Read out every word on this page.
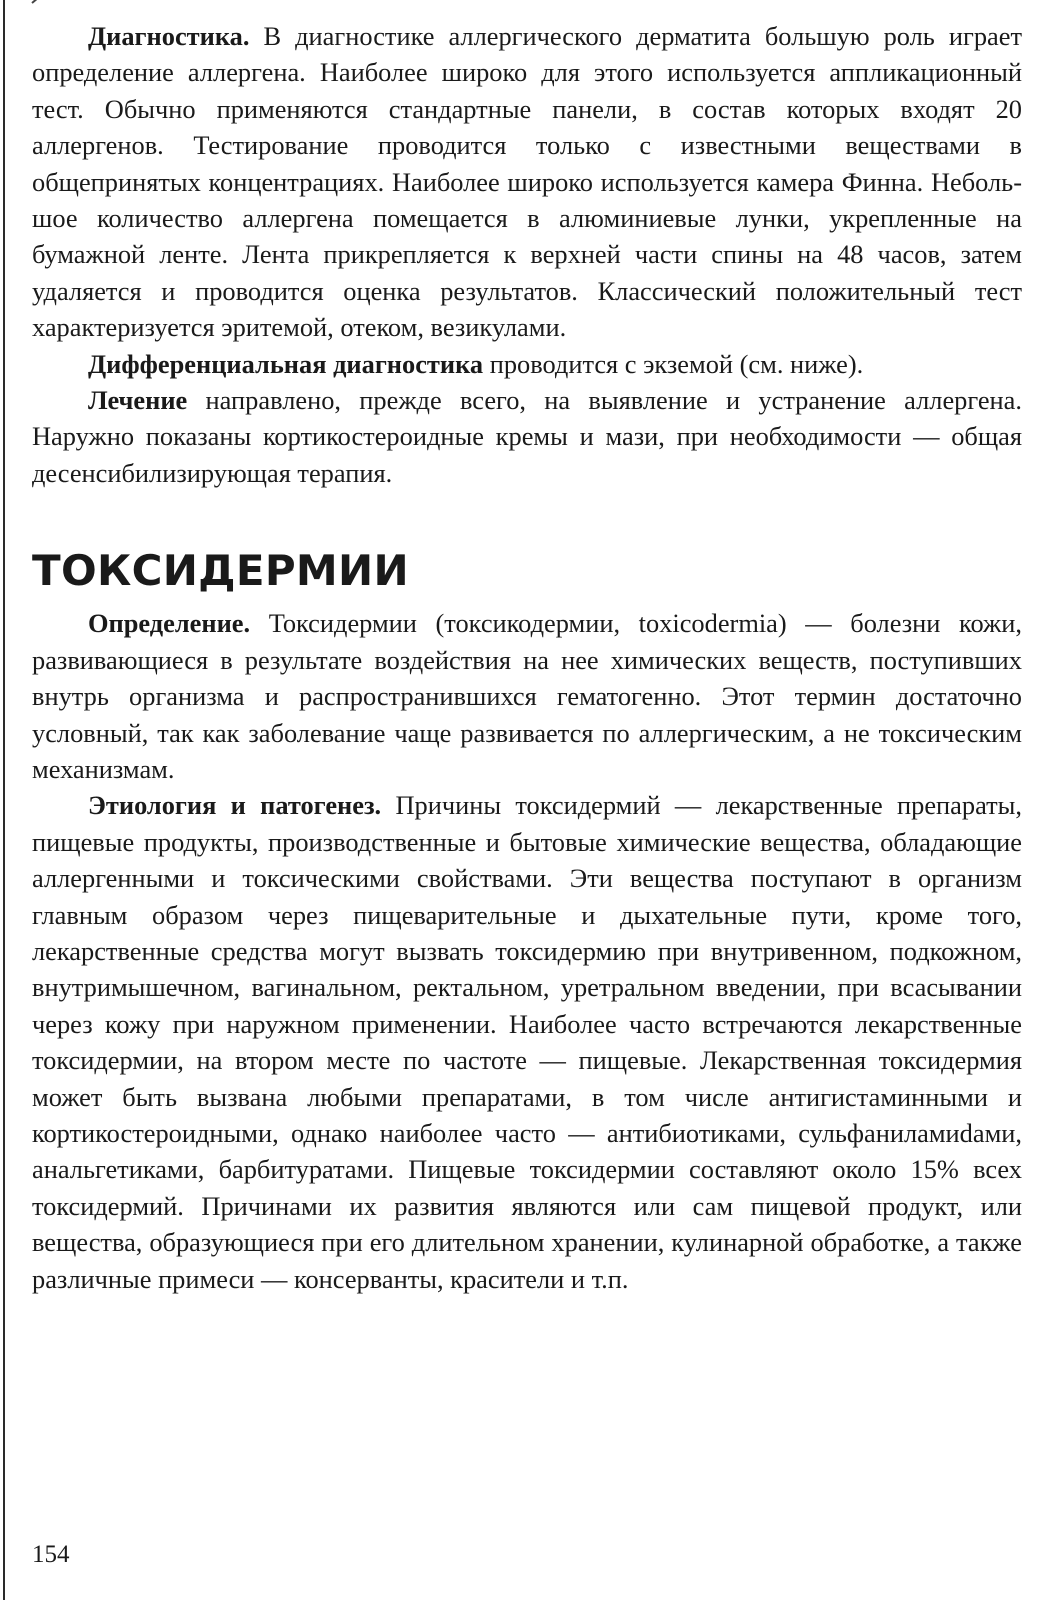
Диагностика. В диагностике аллергического дерматита большую роль играет определение аллергена. Наиболее широко для этого используется аппликационный тест. Обычно применяются стандартные панели, в состав которых входят 20 аллергенов. Тестирование проводится только с известными веществами в общепринятых концентрациях. Наиболее широко используется камера Финна. Небольшое количество аллергена помещается в алюминиевые лунки, укрепленные на бумажной ленте. Лента прикрепляется к верхней части спины на 48 часов, затем удаляется и проводится оценка результатов. Классический положительный тест характеризуется эритемой, отеком, везикулами.

Дифференциальная диагностика проводится с экземой (см. ниже).

Лечение направлено, прежде всего, на выявление и устранение аллергена. Наружно показаны кортикостероидные кремы и мази, при необходимости — общая десенсибилизирующая терапия.

ТОКСИДЕРМИИ

Определение. Токсидермии (токсикодермии, toxicodermia) — болезни кожи, развивающиеся в результате воздействия на нее химических веществ, поступивших внутрь организма и распространившихся гематогенно. Этот термин достаточно условный, так как заболевание чаще развивается по аллергическим, а не токсическим механизмам.

Этиология и патогенез. Причины токсидермий — лекарственные препараты, пищевые продукты, производственные и бытовые химические вещества, обладающие аллергенными и токсическими свойствами. Эти вещества поступают в организм главным образом через пищеварительные и дыхательные пути, кроме того, лекарственные средства могут вызвать токсидермию при внутривенном, подкожном, внутримышечном, вагинальном, ректальном, уретральном введении, при всасывании через кожу при наружном применении. Наиболее часто встречаются лекарственные токсидермии, на втором месте по частоте — пищевые. Лекарственная токсидермия может быть вызвана любыми препаратами, в том числе антигистаминными и кортикостероидными, однако наиболее часто — антибиотиками, сульфаниламиdами, анальгетиками, барбитуратами. Пищевые токсидермии составляют около 15% всех токсидермий. Причинами их развития являются или сам пищевой продукт, или вещества, образующиеся при его длительном хранении, кулинарной обработке, а также различные примеси — консерванты, красители и т.п.

154
